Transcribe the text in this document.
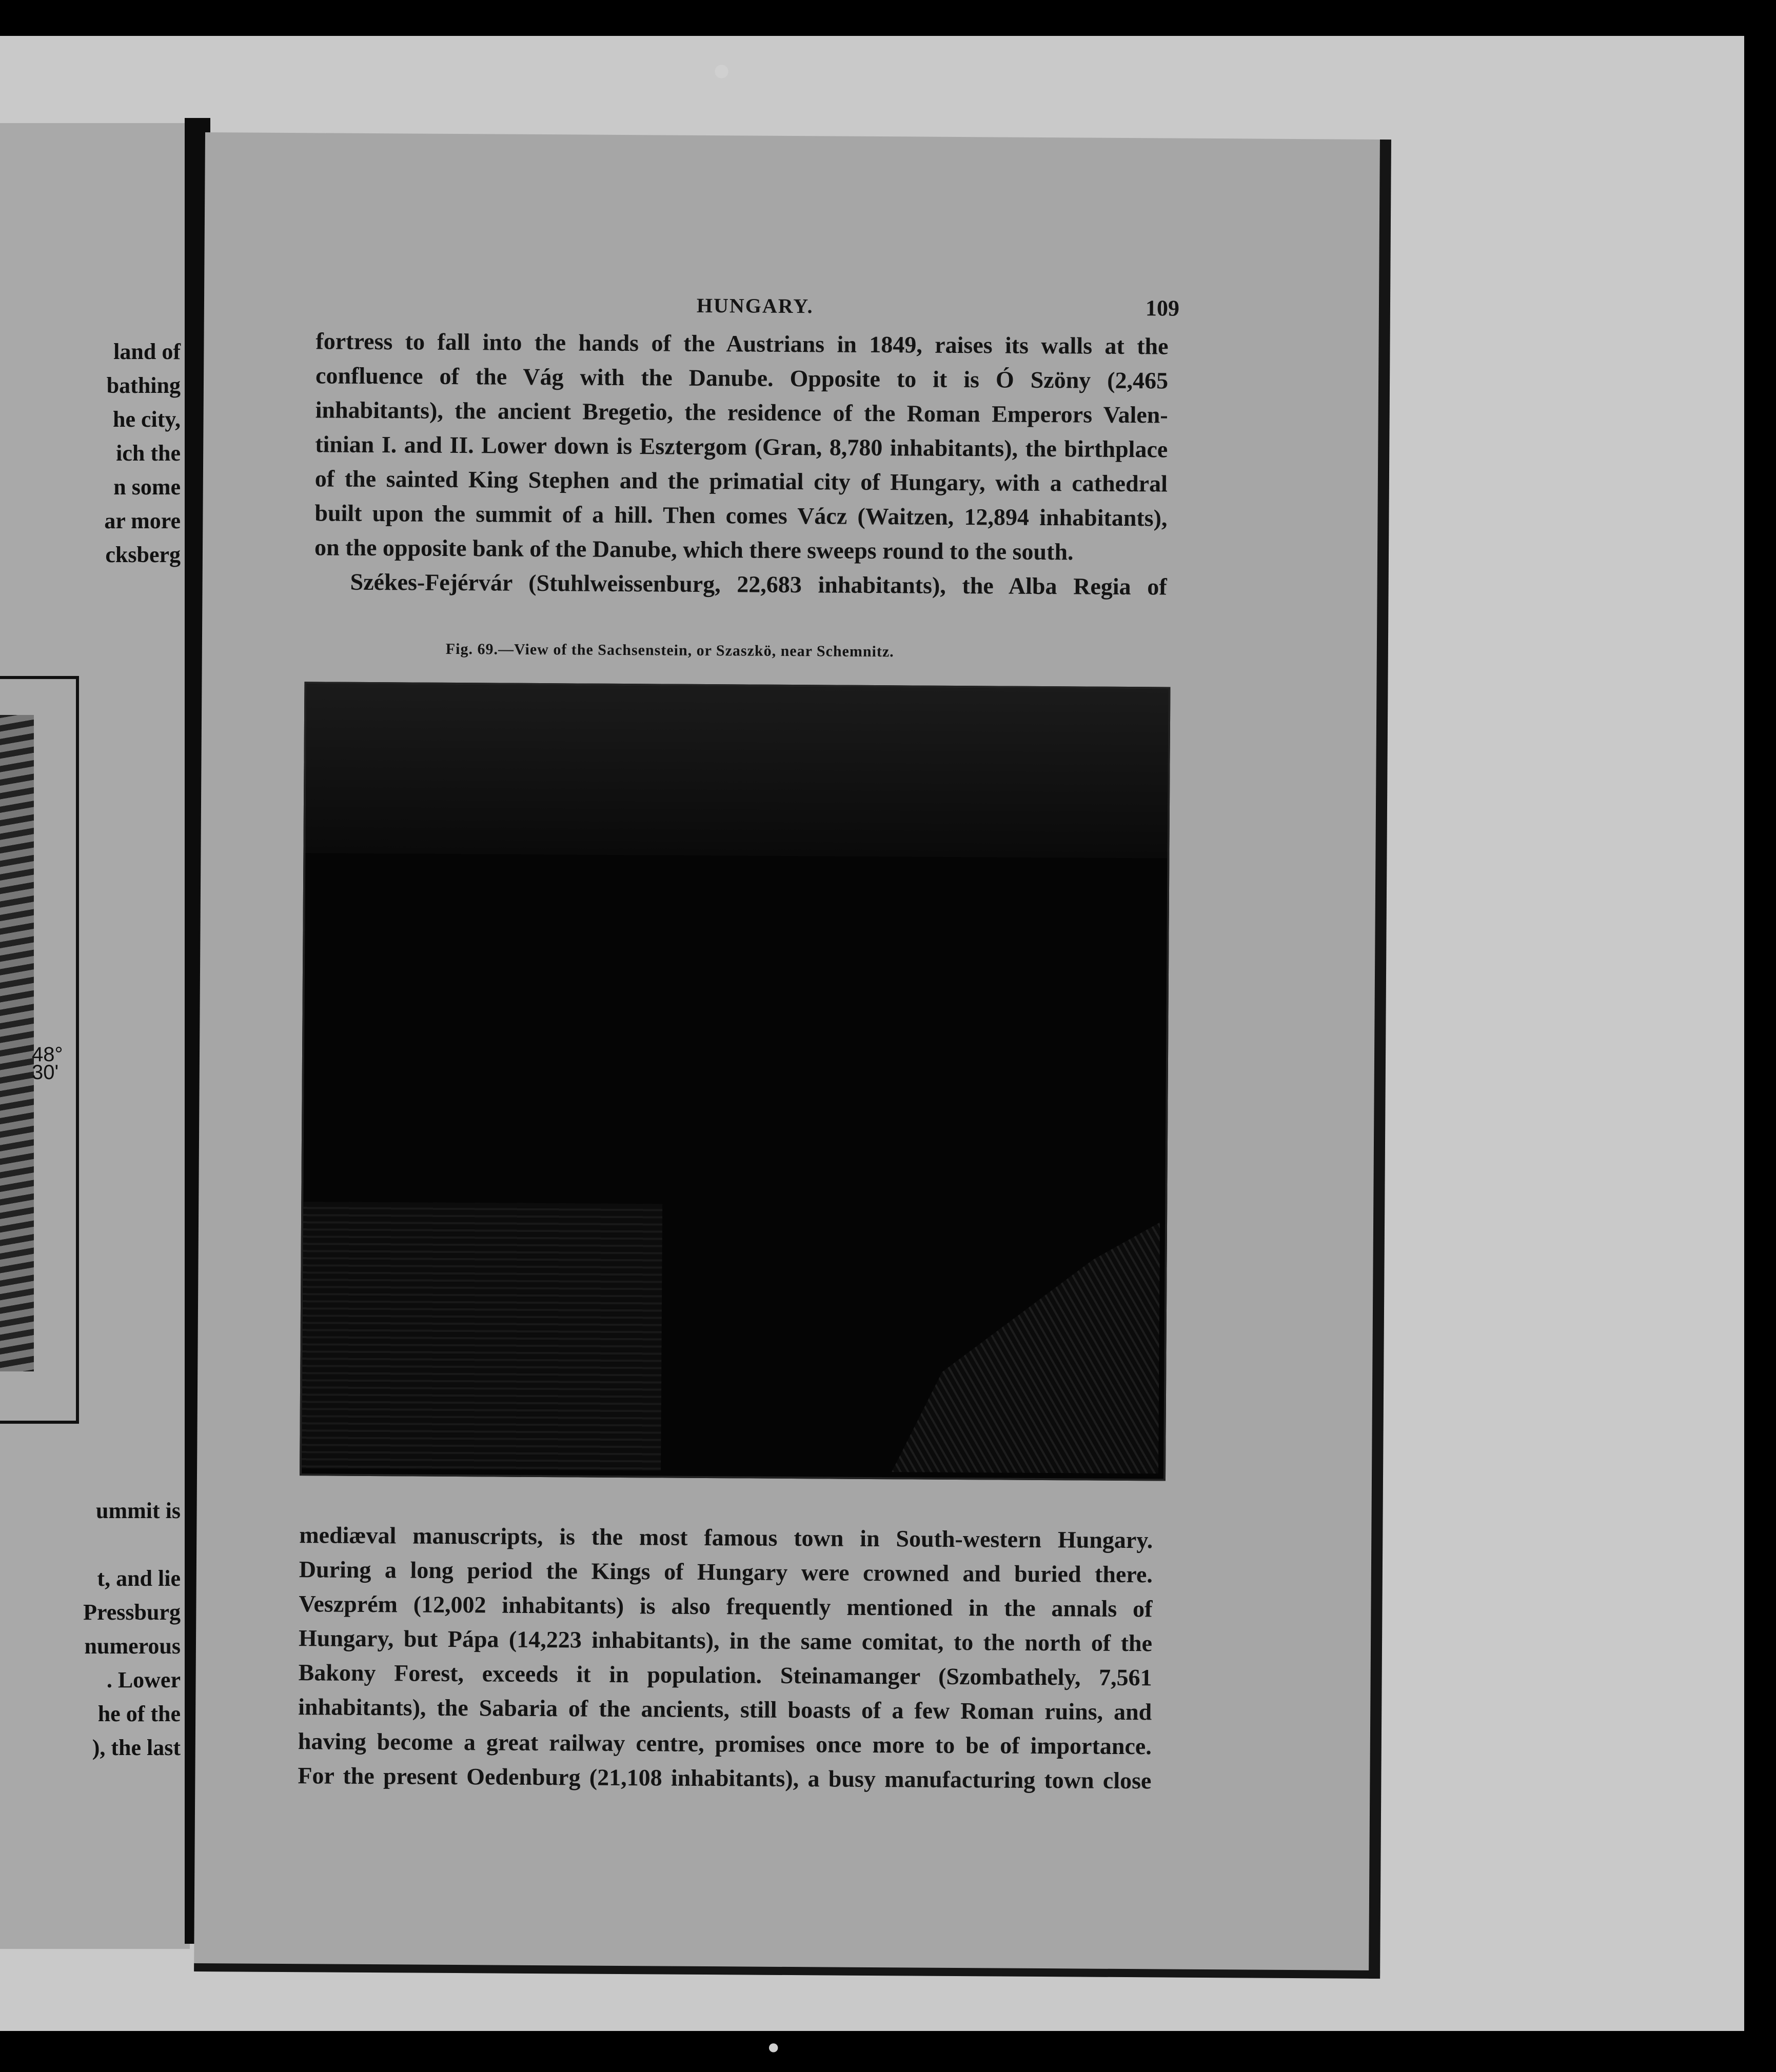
land of
bathing
he city,
ich the
n some
ar more
cksberg
48°
30'
ummit is
t, and lie
Pressburg
numerous
. Lower
he of the
), the last
HUNGARY.	109
fortress to fall into the hands of the Austrians in 1849, raises its walls at the
confluence of the Vág with the Danube. Opposite to it is Ó Szöny (2,465
inhabitants), the ancient Bregetio, the residence of the Roman Emperors Valen-
tinian I. and II. Lower down is Esztergom (Gran, 8,780 inhabitants), the birthplace
of the sainted King Stephen and the primatial city of Hungary, with a cathedral
built upon the summit of a hill. Then comes Vácz (Waitzen, 12,894 inhabitants),
on the opposite bank of the Danube, which there sweeps round to the south.
Székes-Fejérvár (Stuhlweissenburg, 22,683 inhabitants), the Alba Regia of
Fig. 69.—View of the Sachsenstein, or Szaszkö, near Schemnitz.
mediæval manuscripts, is the most famous town in South-western Hungary.
During a long period the Kings of Hungary were crowned and buried there.
Veszprém (12,002 inhabitants) is also frequently mentioned in the annals of
Hungary, but Pápa (14,223 inhabitants), in the same comitat, to the north of the
Bakony Forest, exceeds it in population. Steinamanger (Szombathely, 7,561
inhabitants), the Sabaria of the ancients, still boasts of a few Roman ruins, and
having become a great railway centre, promises once more to be of importance.
For the present Oedenburg (21,108 inhabitants), a busy manufacturing town close
•
•
